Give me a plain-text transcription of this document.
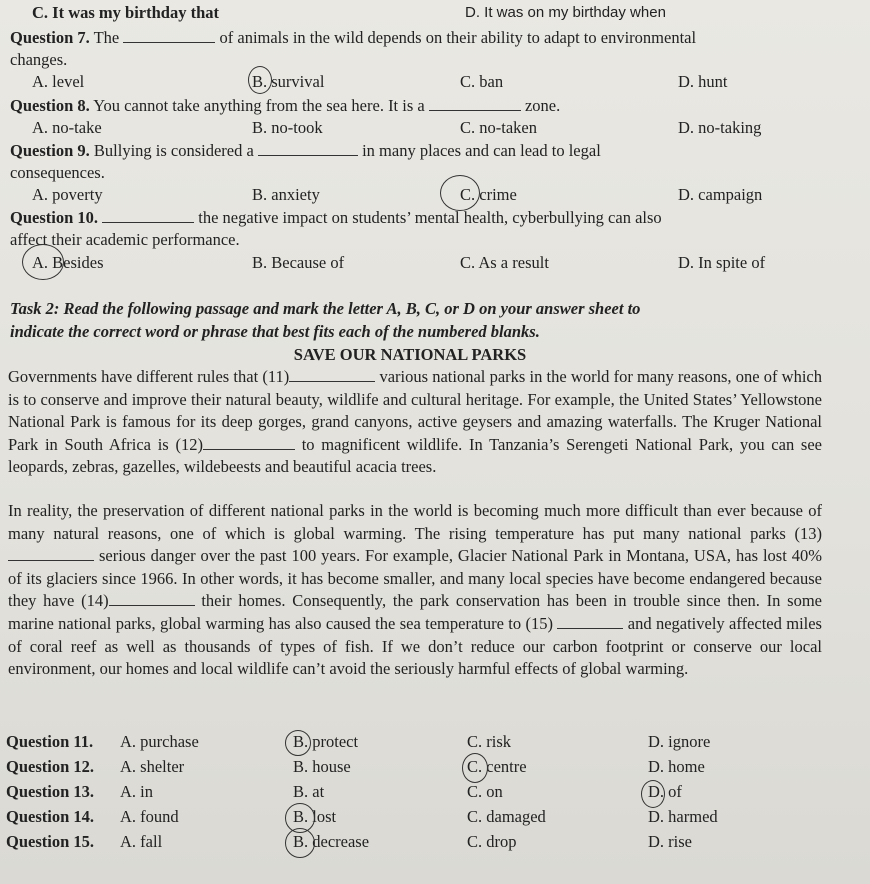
C. It was my birthday that	D. It was on my birthday when
Question 7. The	of animals in the wild depends on their ability to adapt to environmental
changes.
A. level	B. survival	C. ban	D. hunt
Question 8. You cannot take anything from the sea here. It is a	zone.
A. no-take	B. no-took	C. no-taken	D. no-taking
Question 9. Bullying is considered a	in many places and can lead to legal
consequences.
A. poverty	B. anxiety	C. crime	D. campaign
Question 10.	the negative impact on students’ mental health, cyberbullying can also
affect their academic performance.
A. Besides	B. Because of	C. As a result	D. In spite of
Task 2: Read the following passage and mark the letter A, B, C, or D on your answer sheet to
indicate the correct word or phrase that best fits each of the numbered blanks.
SAVE OUR NATIONAL PARKS
Governments have different rules that (11)	various national parks in the world for many reasons, one of which is to conserve and improve their natural beauty, wildlife and cultural heritage. For example, the United States’ Yellowstone National Park is famous for its deep gorges, grand canyons, active geysers and amazing waterfalls. The Kruger National Park in South Africa is (12)	to magnificent wildlife. In Tanzania’s Serengeti National Park, you can see leopards, zebras, gazelles, wildebeests and beautiful acacia trees.
In reality, the preservation of different national parks in the world is becoming much more difficult than ever because of many natural reasons, one of which is global warming. The rising temperature has put many national parks (13) serious danger over the past 100 years. For example, Glacier National Park in Montana, USA, has lost 40% of its glaciers since 1966. In other words, it has become smaller, and many local species have become endangered because they have (14)	their homes. Consequently, the park conservation has been in trouble since then. In some marine national parks, global warming has also caused the sea temperature to (15)	and negatively affected miles of coral reef as well as thousands of types of fish. If we don’t reduce our carbon footprint or conserve our local environment, our homes and local wildlife can’t avoid the seriously harmful effects of global warming.
Question 11. A. purchase	B. protect	C. risk	D. ignore
Question 12. A. shelter	B. house	C. centre	D. home
Question 13. A. in	B. at	C. on	D. of
Question 14. A. found	B. lost	C. damaged	D. harmed
Question 15. A. fall	B. decrease	C. drop	D. rise
